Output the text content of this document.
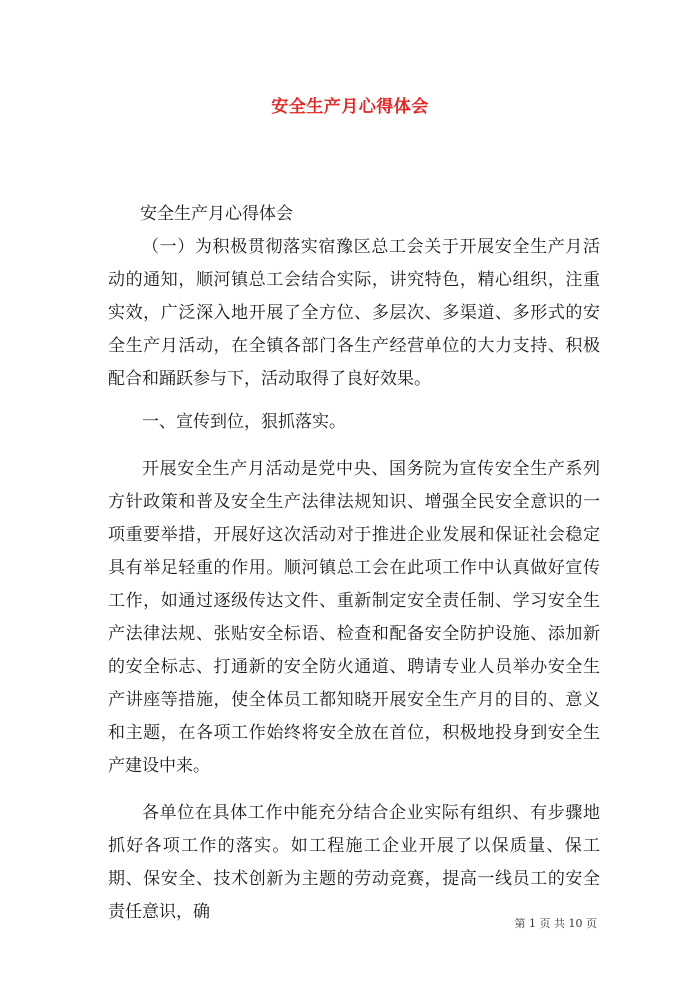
安全生产月心得体会

安全生产月心得体会

（一）为积极贯彻落实宿豫区总工会关于开展安全生产月活动的通知，顺河镇总工会结合实际，讲究特色，精心组织，注重实效，广泛深入地开展了全方位、多层次、多渠道、多形式的安全生产月活动，在全镇各部门各生产经营单位的大力支持、积极配合和踊跃参与下，活动取得了良好效果。

一、宣传到位，狠抓落实。

开展安全生产月活动是党中央、国务院为宣传安全生产系列方针政策和普及安全生产法律法规知识、增强全民安全意识的一项重要举措，开展好这次活动对于推进企业发展和保证社会稳定具有举足轻重的作用。顺河镇总工会在此项工作中认真做好宣传工作，如通过逐级传达文件、重新制定安全责任制、学习安全生产法律法规、张贴安全标语、检查和配备安全防护设施、添加新的安全标志、打通新的安全防火通道、聘请专业人员举办安全生产讲座等措施，使全体员工都知晓开展安全生产月的目的、意义和主题，在各项工作始终将安全放在首位，积极地投身到安全生产建设中来。

各单位在具体工作中能充分结合企业实际有组织、有步骤地抓好各项工作的落实。如工程施工企业开展了以保质量、保工期、保安全、技术创新为主题的劳动竞赛，提高一线员工的安全责任意识，确

第 1 页 共 10 页
